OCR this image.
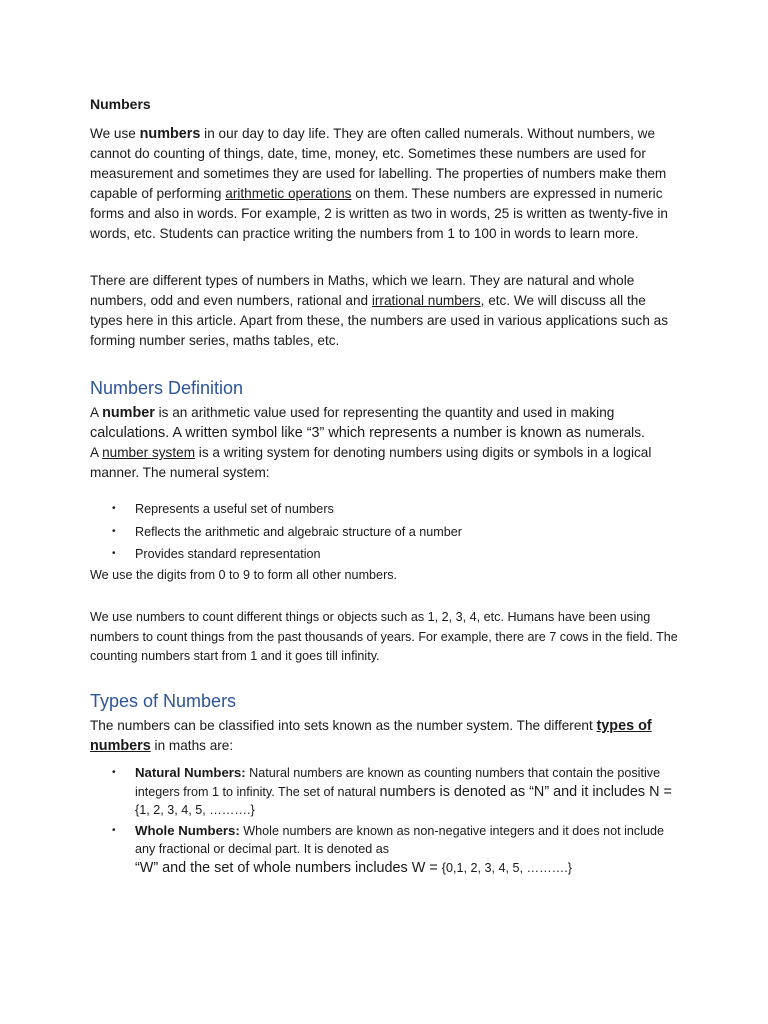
Numbers

We use numbers in our day to day life. They are often called numerals. Without numbers, we cannot do counting of things, date, time, money, etc. Sometimes these numbers are used for measurement and sometimes they are used for labelling. The properties of numbers make them capable of performing arithmetic operations on them. These numbers are expressed in numeric forms and also in words. For example, 2 is written as two in words, 25 is written as twenty-five in words, etc. Students can practice writing the numbers from 1 to 100 in words to learn more.

There are different types of numbers in Maths, which we learn. They are natural and whole numbers, odd and even numbers, rational and irrational numbers, etc. We will discuss all the types here in this article. Apart from these, the numbers are used in various applications such as forming number series, maths tables, etc.

Numbers Definition

A number is an arithmetic value used for representing the quantity and used in making
calculations. A written symbol like “3” which represents a number is known as numerals.
A number system is a writing system for denoting numbers using digits or symbols in a logical manner. The numeral system:

• Represents a useful set of numbers
• Reflects the arithmetic and algebraic structure of a number
• Provides standard representation
We use the digits from 0 to 9 to form all other numbers.

We use numbers to count different things or objects such as 1, 2, 3, 4, etc. Humans have been using numbers to count things from the past thousands of years. For example, there are 7 cows in the field. The counting numbers start from 1 and it goes till infinity.

Types of Numbers

The numbers can be classified into sets known as the number system. The different types of numbers in maths are:

• Natural Numbers: Natural numbers are known as counting numbers that contain the positive integers from 1 to infinity. The set of natural numbers is denoted as “N” and it includes N =
{1, 2, 3, 4, 5, ……….}
• Whole Numbers: Whole numbers are known as non-negative integers and it does not include any fractional or decimal part. It is denoted as
“W” and the set of whole numbers includes W = {0,1, 2, 3, 4, 5, ……….}
